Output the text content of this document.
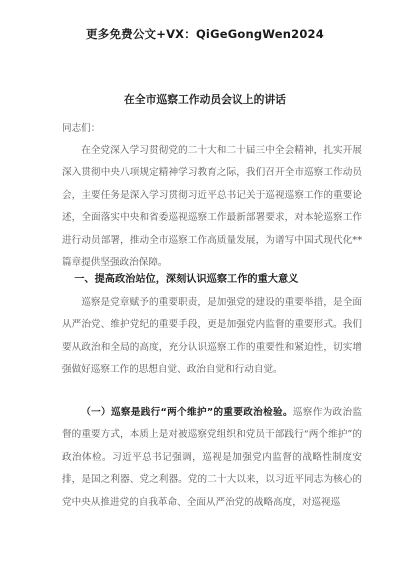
更多免费公文+VX：QiGeGongWen2024
在全市巡察工作动员会议上的讲话
同志们：
在全党深入学习贯彻党的二十大和二十届三中全会精神，扎实开展深入贯彻中央八项规定精神学习教育之际，我们召开全市巡察工作动员会，主要任务是深入学习贯彻习近平总书记关于巡视巡察工作的重要论述，全面落实中央和省委巡视巡察工作最新部署要求，对本轮巡察工作进行动员部署，推动全市巡察工作高质量发展，为谱写中国式现代化**篇章提供坚强政治保障。
一、提高政治站位，深刻认识巡察工作的重大意义
巡察是党章赋予的重要职责，是加强党的建设的重要举措，是全面从严治党、维护党纪的重要手段，更是加强党内监督的重要形式。我们要从政治和全局的高度，充分认识巡察工作的重要性和紧迫性，切实增强做好巡察工作的思想自觉、政治自觉和行动自觉。
（一）巡察是践行“两个维护”的重要政治检验。巡察作为政治监督的重要方式，本质上是对被巡察党组织和党员干部践行“两个维护”的政治体检。习近平总书记强调，巡视是加强党内监督的战略性制度安排，是国之利器、党之利器。党的二十大以来，以习近平同志为核心的党中央从推进党的自我革命、全面从严治党的战略高度，对巡视巡
